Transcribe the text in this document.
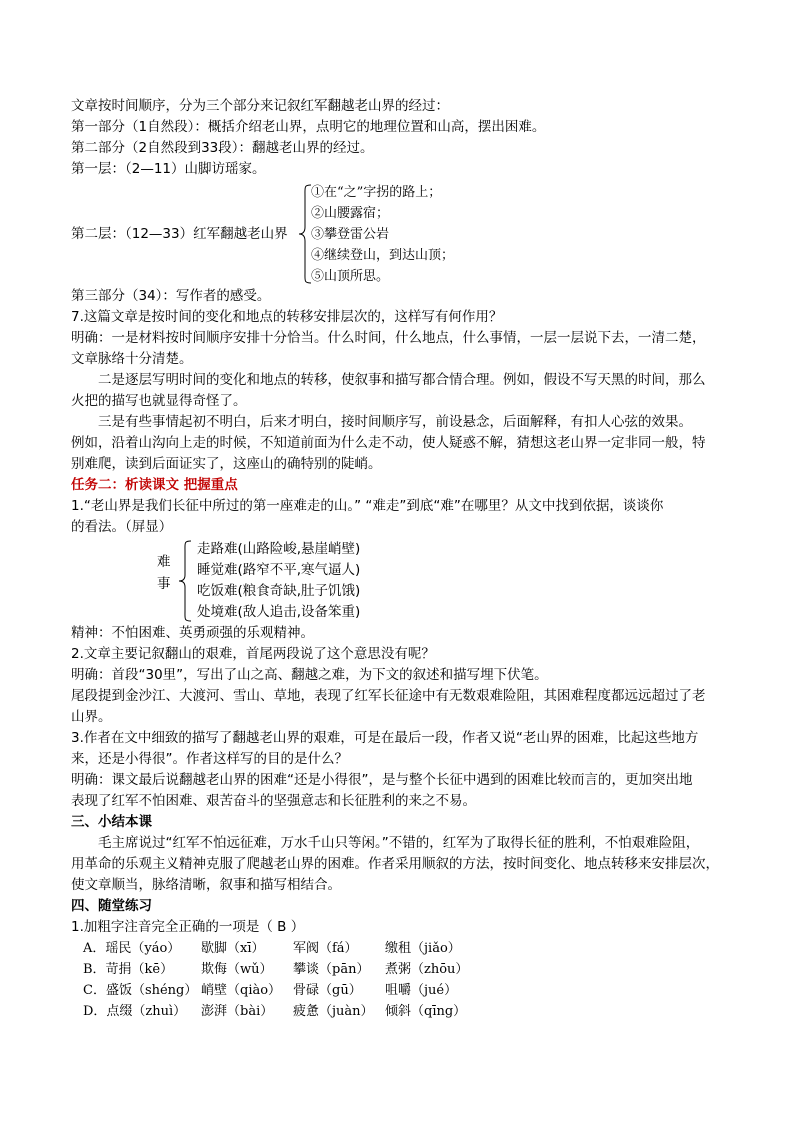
文章按时间顺序，分为三个部分来记叙红军翻越老山界的经过：
第一部分（1自然段）：概括介绍老山界，点明它的地理位置和山高，摆出困难。
第二部分（2自然段到33段）：翻越老山界的经过。
第一层：（2—11）山脚访瑶家。
第二层：（12—33）红军翻越老山界
①在“之”字拐的路上；
②山腰露宿；
③攀登雷公岩
④继续登山，到达山顶；
⑤山顶所思。
第三部分（34）：写作者的感受。
7.这篇文章是按时间的变化和地点的转移安排层次的，这样写有何作用？
明确：一是材料按时间顺序安排十分恰当。什么时间，什么地点，什么事情，一层一层说下去，一清二楚，
文章脉络十分清楚。
二是逐层写明时间的变化和地点的转移，使叙事和描写都合情合理。例如，假设不写天黑的时间，那么
火把的描写也就显得奇怪了。
三是有些事情起初不明白，后来才明白，接时间顺序写，前设悬念，后面解释，有扣人心弦的效果。
例如，沿着山沟向上走的时候，不知道前面为什么走不动，使人疑惑不解，猜想这老山界一定非同一般，特
别难爬，读到后面证实了，这座山的确特别的陡峭。
任务二：析读课文 把握重点
1.“老山界是我们长征中所过的第一座难走的山。” “难走”到底“难”在哪里？从文中找到依据，谈谈你
的看法。（屏显）
难
事
走路难(山路险峻,悬崖峭壁)
睡觉难(路窄不平,寒气逼人)
吃饭难(粮食奇缺,肚子饥饿)
处境难(敌人追击,设备笨重)
精神：不怕困难、英勇顽强的乐观精神。
2.文章主要记叙翻山的艰难，首尾两段说了这个意思没有呢？
明确：首段“30里”，写出了山之高、翻越之难，为下文的叙述和描写埋下伏笔。
尾段提到金沙江、大渡河、雪山、草地，表现了红军长征途中有无数艰难险阻，其困难程度都远远超过了老
山界。
3.作者在文中细致的描写了翻越老山界的艰难，可是在最后一段，作者又说“老山界的困难，比起这些地方
来，还是小得很”。作者这样写的目的是什么？
明确：课文最后说翻越老山界的困难“还是小得很”，是与整个长征中遇到的困难比较而言的，更加突出地
表现了红军不怕困难、艰苦奋斗的坚强意志和长征胜利的来之不易。
三、小结本课
毛主席说过“红军不怕远征难，万水千山只等闲。”不错的，红军为了取得长征的胜利，不怕艰难险阻，
用革命的乐观主义精神克服了爬越老山界的困难。作者采用顺叙的方法，按时间变化、地点转移来安排层次，
使文章顺当，脉络清晰，叙事和描写相结合。
四、随堂练习
1.加粗字注音完全正确的一项是（ B ）
A．瑶民（yáo） 歇脚（xī） 军阀（fá） 缴租（jiǎo）
B．苛捐（kē） 欺侮（wǔ） 攀谈（pān） 煮粥（zhōu）
C．盛饭（shéng） 峭壁（qiào） 骨碌（gū） 咀嚼（jué）
D．点缀（zhuì） 澎湃（bài） 疲惫（juàn） 倾斜（qīng）
